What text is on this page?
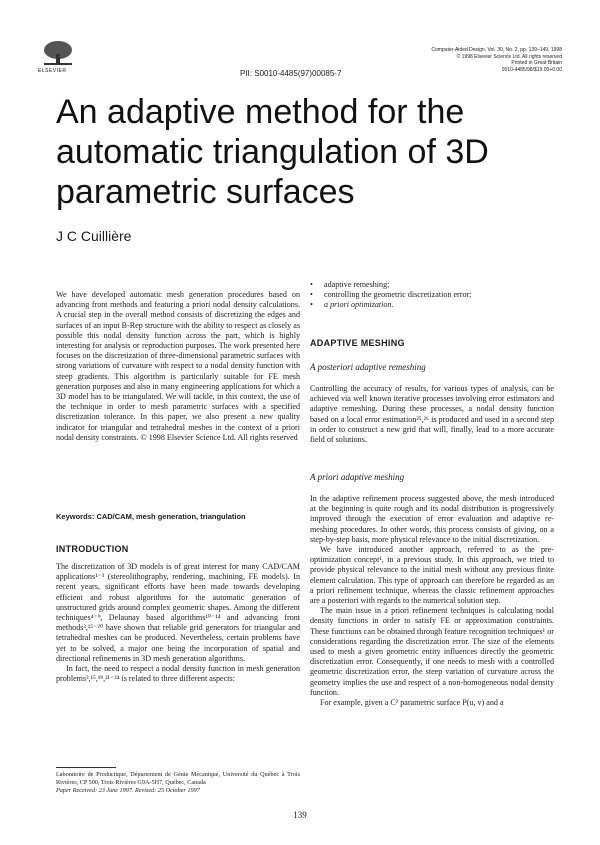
ELSEVIER	PII: S0010-4485(97)00085-7
Computer-Aided Design, Vol. 30, No. 2, pp. 139–149, 1998
© 1998 Elsevier Science Ltd. All rights reserved
Printed in Great Britain
0010-4485/98/$19.00+0.00
An adaptive method for the
automatic triangulation of 3D
parametric surfaces
J C Cuillière

We have developed automatic mesh generation procedures based on advancing front methods and featuring a priori nodal density calculations. A crucial step in the overall method consists of discretizing the edges and surfaces of an input B-Rep structure with the ability to respect as closely as possible this nodal density function across the part, which is highly interesting for analysis or reproduction purposes. The work presented here focuses on the discretization of three-dimensional parametric surfaces with strong variations of curvature with respect to a nodal density function with steep gradients. This algorithm is particularly suitable for FE mesh generation purposes and also in many engineering applications for which a 3D model has to be triangulated. We will tackle, in this context, the use of the technique in order to mesh parametric surfaces with a specified discretization tolerance. In this paper, we also present a new quality indicator for triangular and tetrahedral meshes in the context of a priori nodal density constraints. © 1998 Elsevier Science Ltd. All rights reserved

Keywords: CAD/CAM, mesh generation, triangulation
INTRODUCTION

The discretization of 3D models is of great interest for many CAD/CAM applications¹⁻³ (stereolithography, rendering, machining, FE models). In recent years, significant efforts have been made towards developing efficient and robust algorithms for the automatic generation of unstructured grids around complex geometric shapes. Among the different techniques⁴⁻⁹, Delaunay based algorithms¹⁰⁻¹⁴ and advancing front methods³,¹⁵⁻²⁰ have shown that reliable grid generators for triangular and tetrahedral meshes can be produced. Nevertheless, certain problems have yet to be solved, a major one being the incorporation of spatial and directional refinements in 3D mesh generation algorithms.

In fact, the need to respect a nodal density function in mesh generation problems³,¹⁵,¹⁹,²¹⁻²⁴ is related to three different aspects:

Laboratoire de Productique, Département de Génie Mécanique, Université du Québec à Trois Rivières, CP 500, Trois Rivières G9A-5H7, Québec, Canada
Paper Received: 23 June 1997. Revised: 25 October 1997
• adaptive remeshing;
• controlling the geometric discretization error;
• a priori optimization.
ADAPTIVE MESHING
A posteriori adaptive remeshing

Controlling the accuracy of results, for various types of analysis, can be achieved via well known iterative processes involving error estimators and adaptive remeshing. During these processes, a nodal density function based on a local error estimation²⁵,²⁶ is produced and used in a second step in order to construct a new grid that will, finally, lead to a more accurate field of solutions.

A priori adaptive meshing

In the adaptive refinement process suggested above, the mesh introduced at the beginning is quite rough and its nodal distribution is progressively improved through the execution of error evaluation and adaptive re-meshing procedures. In other words, this process consists of giving, on a step-by-step basis, more physical relevance to the initial discretization.

We have introduced another approach, referred to as the pre-optimization concept¹, in a previous study. In this approach, we tried to provide physical relevance to the initial mesh without any previous finite element calculation. This type of approach can therefore be regarded as an a priori refinement technique, whereas the classic refinement approaches are a posteriori with regards to the numerical solution step.

The main issue in a priori refinement techniques is calculating nodal density functions in order to satisfy FE or approximation constraints. These functions can be obtained through feature recognition techniques¹ or considerations regarding the discretization error. The size of the elements used to mesh a given geometric entity influences directly the geometric discretization error. Consequently, if one needs to mesh with a controlled geometric discretization error, the steep variation of curvature across the geometry implies the use and respect of a non-homogeneous nodal density function.

For example, given a C² parametric surface P(u, v) and a

139
